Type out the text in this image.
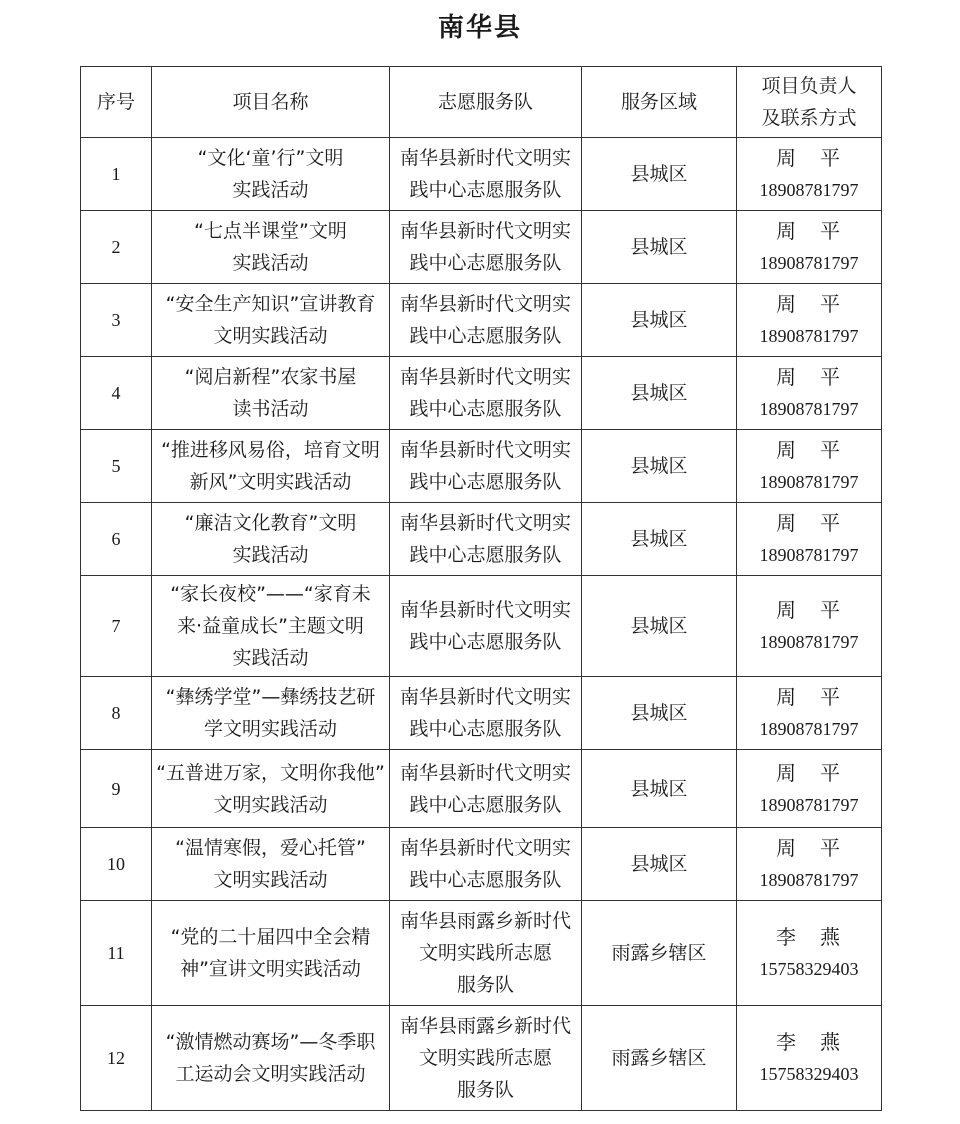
南华县
序号	项目名称	志愿服务队	服务区域	项目负责人
及联系方式

1	“文化‘童’行”文明
实践活动	南华县新时代文明实
践中心志愿服务队	县城区	周　平
18908781797

2	“七点半课堂”文明
实践活动	南华县新时代文明实
践中心志愿服务队	县城区	周　平
18908781797

3	“安全生产知识”宣讲教育
文明实践活动	南华县新时代文明实
践中心志愿服务队	县城区	周　平
18908781797

4	“阅启新程”农家书屋
读书活动	南华县新时代文明实
践中心志愿服务队	县城区	周　平
18908781797

5	“推进移风易俗，培育文明
新风”文明实践活动	南华县新时代文明实
践中心志愿服务队	县城区	周　平
18908781797

6	“廉洁文化教育”文明
实践活动	南华县新时代文明实
践中心志愿服务队	县城区	周　平
18908781797

7	“家长夜校”——“家育未
来·益童成长”主题文明
实践活动	南华县新时代文明实
践中心志愿服务队	县城区	周　平
18908781797

8	“彝绣学堂”—彝绣技艺研
学文明实践活动	南华县新时代文明实
践中心志愿服务队	县城区	周　平
18908781797

9	“五普进万家，文明你我他”
文明实践活动	南华县新时代文明实
践中心志愿服务队	县城区	周　平
18908781797

10	“温情寒假，爱心托管”
文明实践活动	南华县新时代文明实
践中心志愿服务队	县城区	周　平
18908781797

11	“党的二十届四中全会精
神”宣讲文明实践活动	南华县雨露乡新时代
文明实践所志愿
服务队	雨露乡辖区	李　燕
15758329403

12	“激情燃动赛场”—冬季职
工运动会文明实践活动	南华县雨露乡新时代
文明实践所志愿
服务队	雨露乡辖区	李　燕
15758329403
